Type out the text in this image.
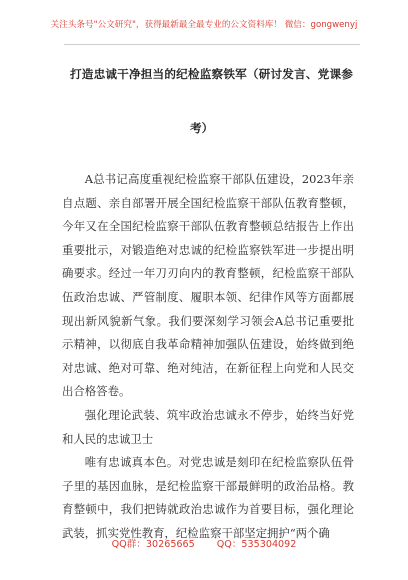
关注头条号"公文研究"，获得最新最全最专业的公文资料库！ 微信：gongwenyj
打造忠诚干净担当的纪检监察铁军（研讨发言、党课参
考）

A总书记高度重视纪检监察干部队伍建设，2023年亲自点题、亲自部署开展全国纪检监察干部队伍教育整顿，今年又在全国纪检监察干部队伍教育整顿总结报告上作出重要批示，对锻造绝对忠诚的纪检监察铁军进一步提出明确要求。经过一年刀刃向内的教育整顿，纪检监察干部队伍政治忠诚、严管制度、履职本领、纪律作风等方面都展现出新风貌新气象。我们要深刻学习领会A总书记重要批示精神，以彻底自我革命精神加强队伍建设，始终做到绝对忠诚、绝对可靠、绝对纯洁，在新征程上向党和人民交出合格答卷。

强化理论武装、筑牢政治忠诚永不停步，始终当好党和人民的忠诚卫士

唯有忠诚真本色。对党忠诚是刻印在纪检监察队伍骨子里的基因血脉，是纪检监察干部最鲜明的政治品格。教育整顿中，我们把铸就政治忠诚作为首要目标，强化理论武装，抓实党性教育，纪检监察干部坚定拥护“两个确

QQ群：30265665 QQ：535304092
